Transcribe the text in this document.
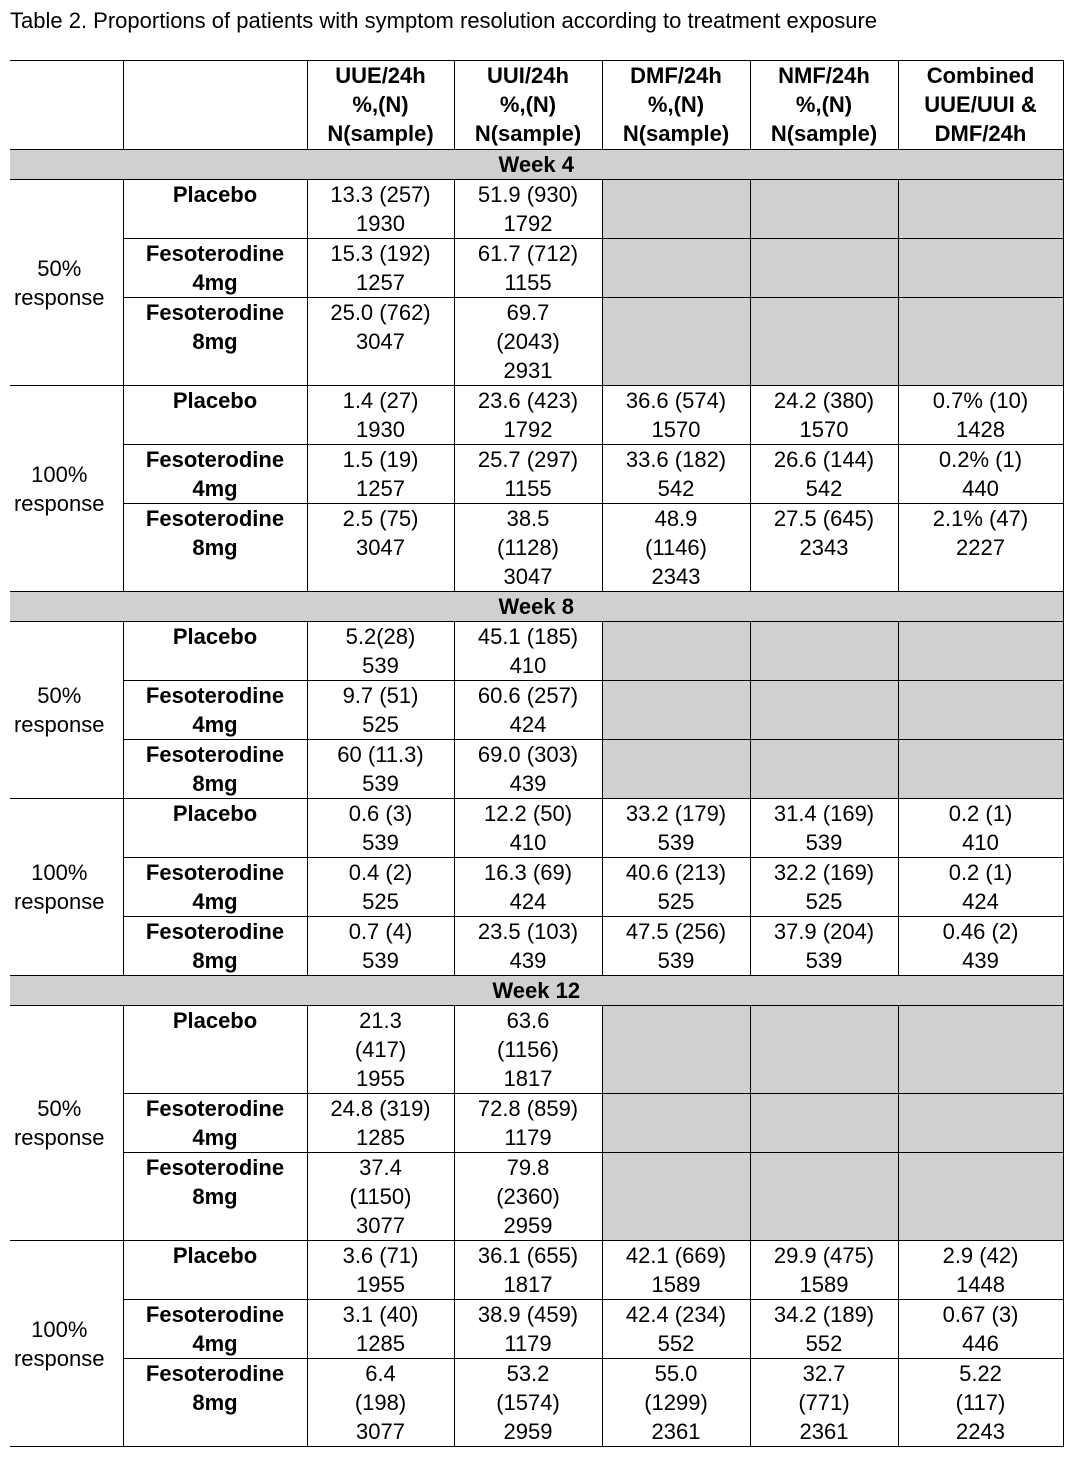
Table 2. Proportions of patients with symptom resolution according to treatment exposure

		UUE/24h
%,(N)
N(sample)	UUI/24h
%,(N)
N(sample)	DMF/24h
%,(N)
N(sample)	NMF/24h
%,(N)
N(sample)	Combined
UUE/UUI &
DMF/24h

Week 4						

50%
response	Placebo	13.3 (257)
1930	51.9 (930)
1792			

	Fesoterodine
4mg	15.3 (192)
1257	61.7 (712)
1155			

	Fesoterodine
8mg	25.0 (762)
3047	69.7
(2043)
2931			

100%
response	Placebo	1.4 (27)
1930	23.6 (423)
1792	36.6 (574)
1570	24.2 (380)
1570	0.7% (10)
1428

	Fesoterodine
4mg	1.5 (19)
1257	25.7 (297)
1155	33.6 (182)
542	26.6 (144)
542	0.2% (1)
440

	Fesoterodine
8mg	2.5 (75)
3047	38.5
(1128)
3047	48.9
(1146)
2343	27.5 (645)
2343	2.1% (47)
2227

Week 8						

50%
response	Placebo	5.2(28)
539	45.1 (185)
410			

	Fesoterodine
4mg	9.7 (51)
525	60.6 (257)
424			

	Fesoterodine
8mg	60 (11.3)
539	69.0 (303)
439			

100%
response	Placebo	0.6 (3)
539	12.2 (50)
410	33.2 (179)
539	31.4 (169)
539	0.2 (1)
410

	Fesoterodine
4mg	0.4 (2)
525	16.3 (69)
424	40.6 (213)
525	32.2 (169)
525	0.2 (1)
424

	Fesoterodine
8mg	0.7 (4)
539	23.5 (103)
439	47.5 (256)
539	37.9 (204)
539	0.46 (2)
439

Week 12						

50%
response	Placebo	21.3
(417)
1955	63.6
(1156)
1817			

	Fesoterodine
4mg	24.8 (319)
1285	72.8 (859)
1179			

	Fesoterodine
8mg	37.4
(1150)
3077	79.8
(2360)
2959			

100%
response	Placebo	3.6 (71)
1955	36.1 (655)
1817	42.1 (669)
1589	29.9 (475)
1589	2.9 (42)
1448

	Fesoterodine
4mg	3.1 (40)
1285	38.9 (459)
1179	42.4 (234)
552	34.2 (189)
552	0.67 (3)
446

	Fesoterodine
8mg	6.4
(198)
3077	53.2
(1574)
2959	55.0
(1299)
2361	32.7
(771)
2361	5.22
(117)
2243
